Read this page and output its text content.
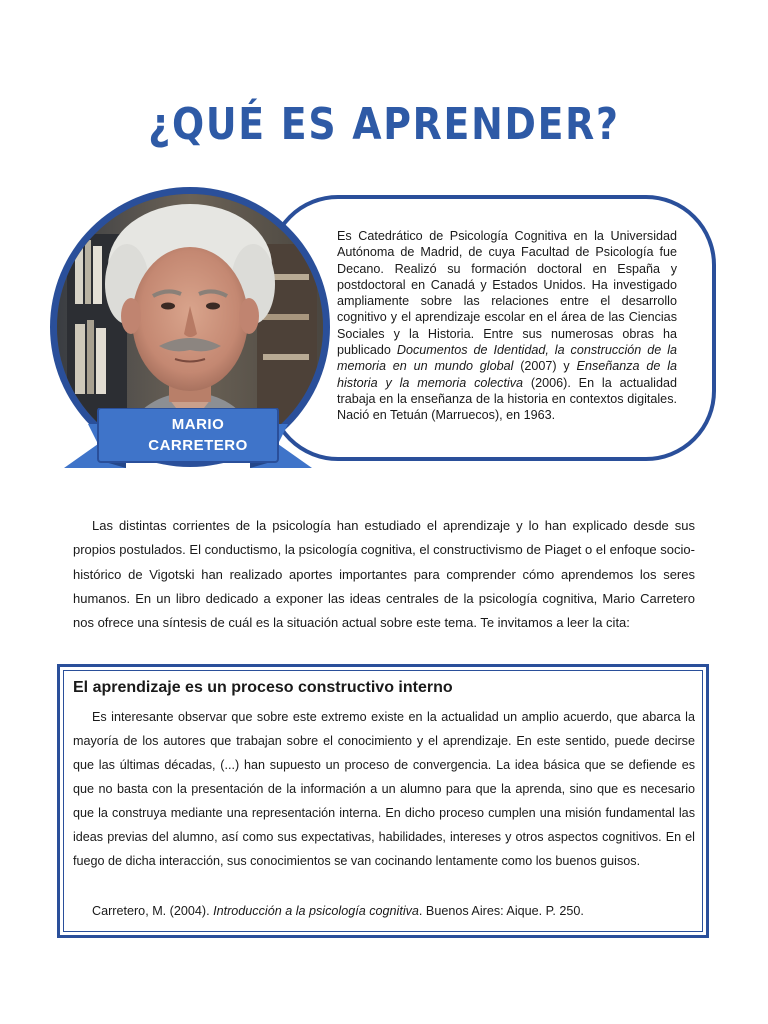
¿QUÉ ES APRENDER?

Es Catedrático de Psicología Cognitiva en la Universidad Autónoma de Madrid, de cuya Facultad de Psicología fue Decano. Realizó su formación doctoral en España y postdoctoral en Canadá y Estados Unidos. Ha investigado ampliamente sobre las relaciones entre el desarrollo cognitivo y el aprendizaje escolar en el área de las Ciencias Sociales y la Historia. Entre sus numerosas obras ha publicado Documentos de Identidad, la construcción de la memoria en un mundo global (2007) y Enseñanza de la historia y la memoria colectiva (2006). En la actualidad trabaja en la enseñanza de la historia en contextos digitales. Nació en Tetuán (Marruecos), en 1963.

MARIO
CARRETERO

Las distintas corrientes de la psicología han estudiado el aprendizaje y lo han explicado desde sus propios postulados. El conductismo, la psicología cognitiva, el constructivismo de Piaget o el enfoque socio-histórico de Vigotski han realizado aportes importantes para comprender cómo aprendemos los seres humanos. En un libro dedicado a exponer las ideas centrales de la psicología cognitiva, Mario Carretero nos ofrece una síntesis de cuál es la situación actual sobre este tema. Te invitamos a leer la cita:

El aprendizaje es un proceso constructivo interno

Es interesante observar que sobre este extremo existe en la actualidad un amplio acuerdo, que abarca la mayoría de los autores que trabajan sobre el conocimiento y el aprendizaje. En este sentido, puede decirse que las últimas décadas, (...) han supuesto un proceso de convergencia. La idea básica que se defiende es que no basta con la presentación de la información a un alumno para que la aprenda, sino que es necesario que la construya mediante una representación interna. En dicho proceso cumplen una misión fundamental las ideas previas del alumno, así como sus expectativas, habilidades, intereses y otros aspectos cognitivos. En el fuego de dicha interacción, sus conocimientos se van cocinando lentamente como los buenos guisos.

Carretero, M. (2004). Introducción a la psicología cognitiva. Buenos Aires: Aique. P. 250.
